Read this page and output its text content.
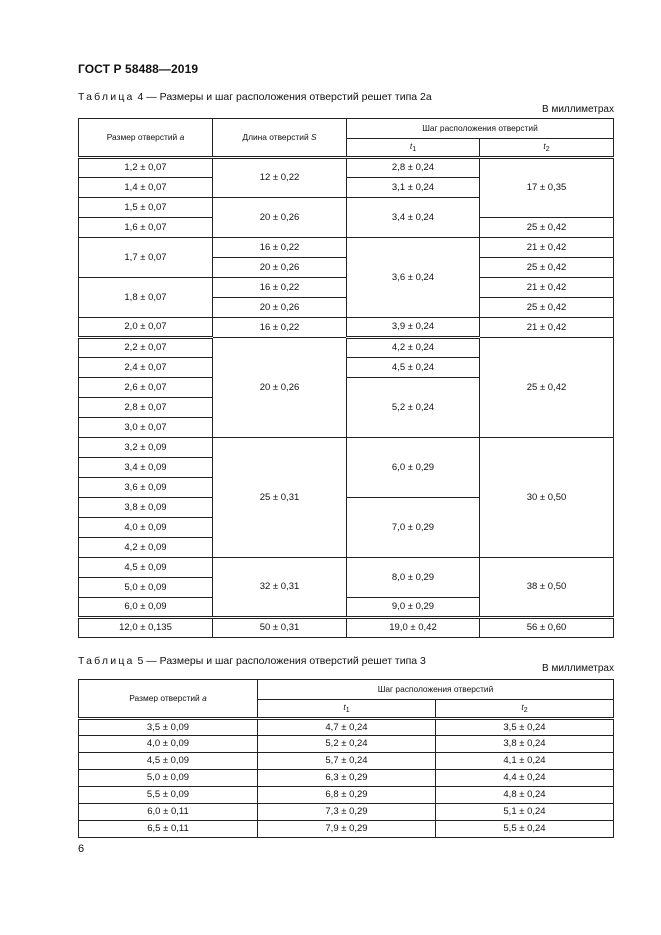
ГОСТ Р 58488—2019
Таблица 4 — Размеры и шаг расположения отверстий решет типа 2а
В миллиметрах
Размер отверстий a	Длина отверстий S	Шаг расположения отверстий	
		$t_1$	$t_2$
1,2 ± 0,07	12 ± 0,22	2,8 ± 0,24	17 ± 0,35
1,4 ± 0,07		3,1 ± 0,24	
1,5 ± 0,07	20 ± 0,26	3,4 ± 0,24	
1,6 ± 0,07			25 ± 0,42
1,7 ± 0,07	16 ± 0,22	3,6 ± 0,24	21 ± 0,42
	20 ± 0,26		25 ± 0,42
1,8 ± 0,07	16 ± 0,22		21 ± 0,42
	20 ± 0,26		25 ± 0,42
2,0 ± 0,07	16 ± 0,22	3,9 ± 0,24	21 ± 0,42
2,2 ± 0,07	20 ± 0,26	4,2 ± 0,24	25 ± 0,42
2,4 ± 0,07		4,5 ± 0,24	
2,6 ± 0,07		5,2 ± 0,24	
2,8 ± 0,07			
3,0 ± 0,07			
3,2 ± 0,09	25 ± 0,31	6,0 ± 0,29	30 ± 0,50
3,4 ± 0,09			
3,6 ± 0,09			
3,8 ± 0,09		7,0 ± 0,29	
4,0 ± 0,09			
4,2 ± 0,09			
4,5 ± 0,09	32 ± 0,31	8,0 ± 0,29	38 ± 0,50
5,0 ± 0,09			
6,0 ± 0,09		9,0 ± 0,29	
12,0 ± 0,135	50 ± 0,31	19,0 ± 0,42	56 ± 0,60
Таблица 5 — Размеры и шаг расположения отверстий решет типа 3
В миллиметрах
Размер отверстий a	Шаг расположения отверстий	
	$t_1$	$t_2$
3,5 ± 0,09	4,7 ± 0,24	3,5 ± 0,24
4,0 ± 0,09	5,2 ± 0,24	3,8 ± 0,24
4,5 ± 0,09	5,7 ± 0,24	4,1 ± 0,24
5,0 ± 0,09	6,3 ± 0,29	4,4 ± 0,24
5,5 ± 0,09	6,8 ± 0,29	4,8 ± 0,24
6,0 ± 0,11	7,3 ± 0,29	5,1 ± 0,24
6,5 ± 0,11	7,9 ± 0,29	5,5 ± 0,24
6
